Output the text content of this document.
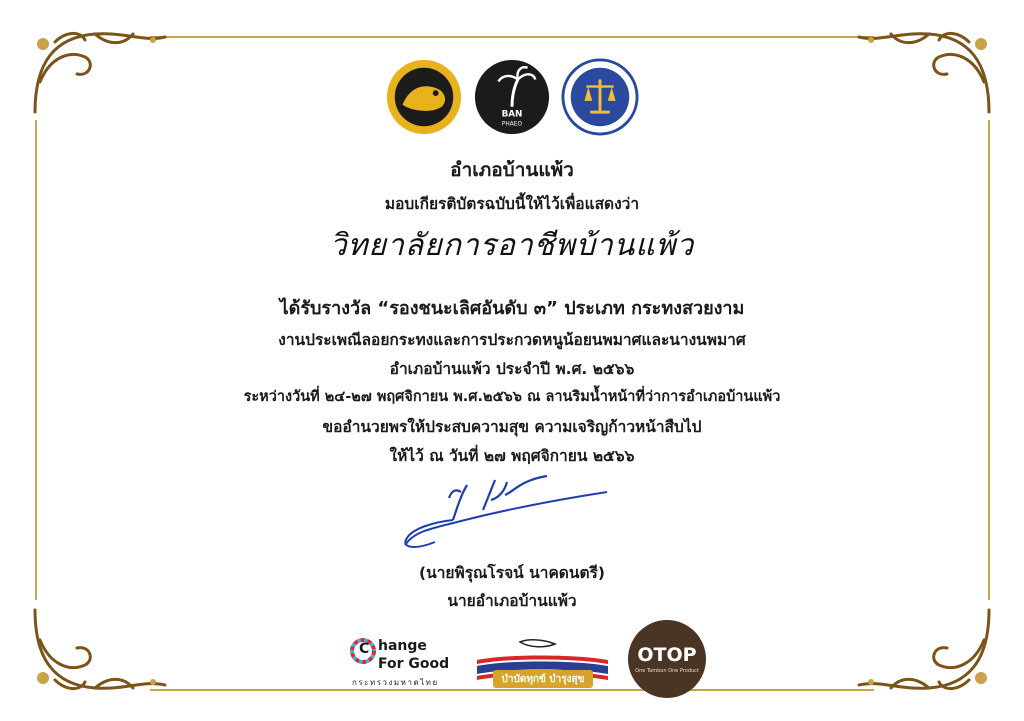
BAN
PHAEO
อำเภอบ้านแพ้ว
มอบเกียรติบัตรฉบับนี้ให้ไว้เพื่อแสดงว่า
วิทยาลัยการอาชีพบ้านแพ้ว
ได้รับรางวัล “รองชนะเลิศอันดับ ๓” ประเภท กระทงสวยงาม
งานประเพณีลอยกระทงและการประกวดหนูน้อยนพมาศและนางนพมาศ
อำเภอบ้านแพ้ว ประจำปี พ.ศ. ๒๕๖๖
ระหว่างวันที่ ๒๔-๒๗ พฤศจิกายน พ.ศ.๒๕๖๖ ณ ลานริมน้ำหน้าที่ว่าการอำเภอบ้านแพ้ว
ขออำนวยพรให้ประสบความสุข ความเจริญก้าวหน้าสืบไป
ให้ไว้ ณ วันที่ ๒๗ พฤศจิกายน ๒๕๖๖
(นายพิรุณโรจน์ นาคดนตรี)
นายอำเภอบ้านแพ้ว
C hange
For Good
กระทรวงมหาดไทย	บำบัดทุกข์ บำรุงสุข
OTOP
One Tambon One Product
